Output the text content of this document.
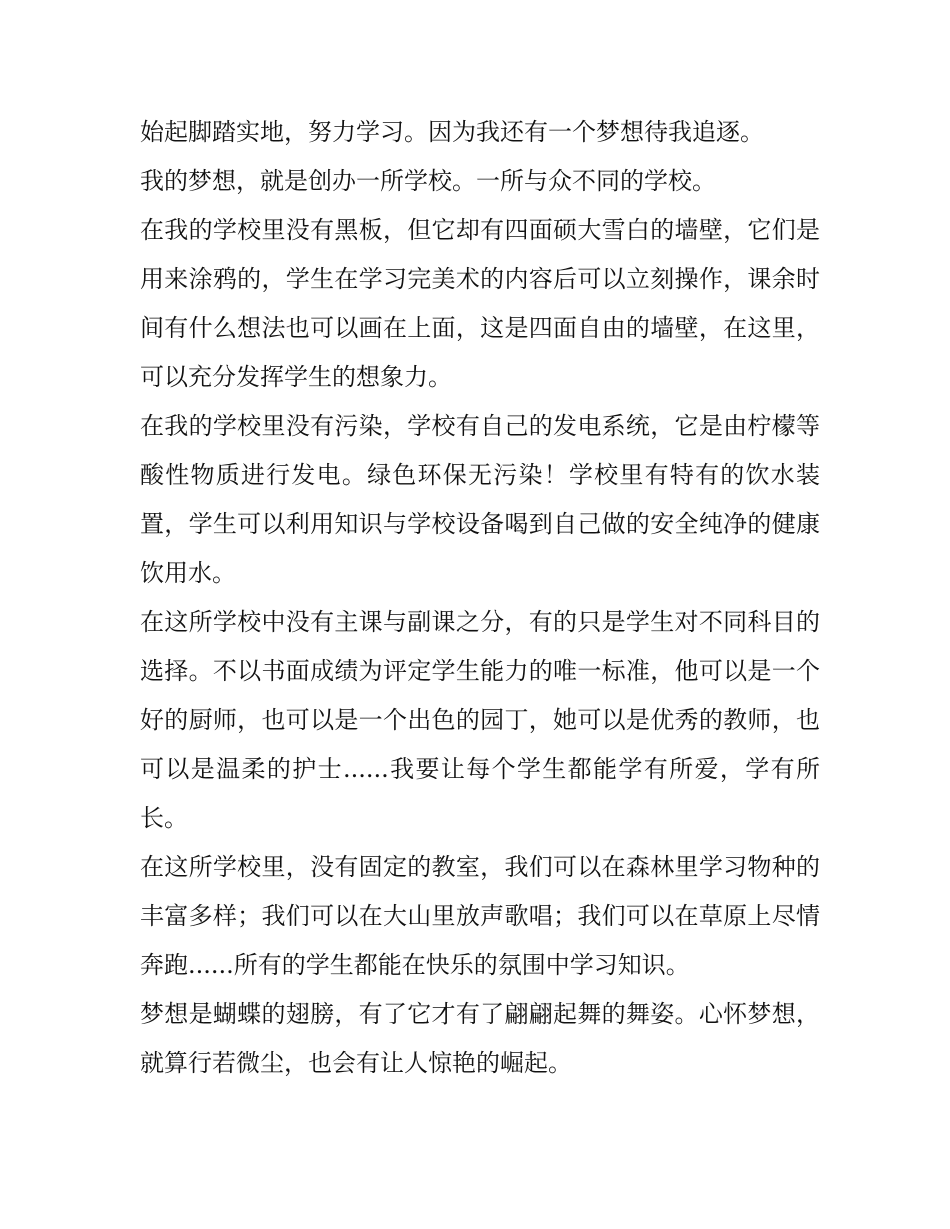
始起脚踏实地，努力学习。因为我还有一个梦想待我追逐。

我的梦想，就是创办一所学校。一所与众不同的学校。

在我的学校里没有黑板，但它却有四面硕大雪白的墙壁，它们是用来涂鸦的，学生在学习完美术的内容后可以立刻操作，课余时间有什么想法也可以画在上面，这是四面自由的墙壁，在这里，可以充分发挥学生的想象力。

在我的学校里没有污染，学校有自己的发电系统，它是由柠檬等酸性物质进行发电。绿色环保无污染！学校里有特有的饮水装置，学生可以利用知识与学校设备喝到自己做的安全纯净的健康饮用水。

在这所学校中没有主课与副课之分，有的只是学生对不同科目的选择。不以书面成绩为评定学生能力的唯一标准，他可以是一个好的厨师，也可以是一个出色的园丁，她可以是优秀的教师，也可以是温柔的护士......我要让每个学生都能学有所爱，学有所长。

在这所学校里，没有固定的教室，我们可以在森林里学习物种的丰富多样；我们可以在大山里放声歌唱；我们可以在草原上尽情奔跑......所有的学生都能在快乐的氛围中学习知识。

梦想是蝴蝶的翅膀，有了它才有了翩翩起舞的舞姿。心怀梦想，就算行若微尘，也会有让人惊艳的崛起。
